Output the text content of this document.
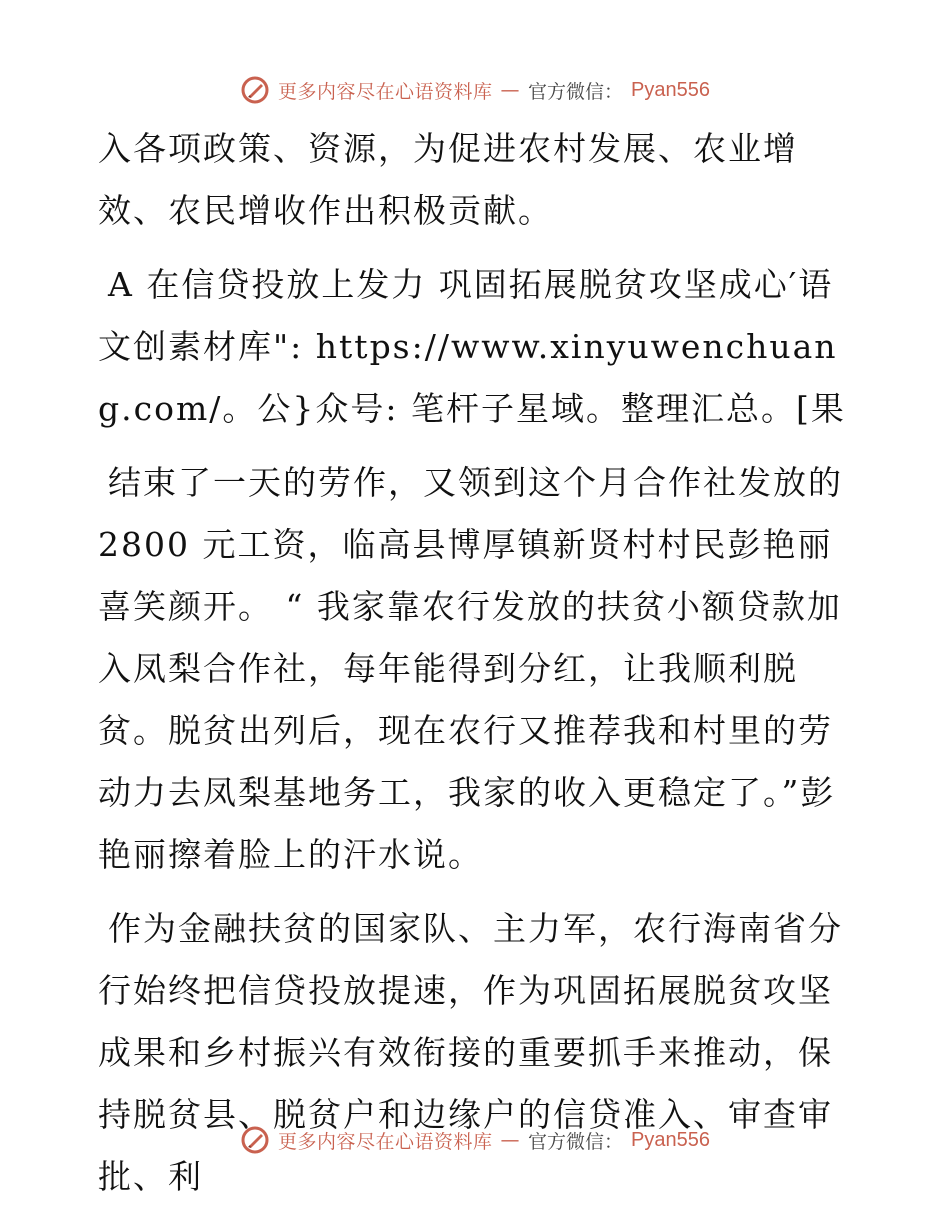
更多内容尽在心语资料库 — 官方微信： Pyan556

入各项政策、资源，为促进农村发展、农业增效、农民增收作出积极贡献。

A 在信贷投放上发力 巩固拓展脱贫攻坚成心′语文创素材库": https://www.xinyuwenchuang.com/。公}众号: 笔杆子星域。整理汇总。[果

结束了一天的劳作，又领到这个月合作社发放的2800 元工资，临高县博厚镇新贤村村民彭艳丽喜笑颜开。 “ 我家靠农行发放的扶贫小额贷款加入凤梨合作社，每年能得到分红，让我顺利脱贫。脱贫出列后，现在农行又推荐我和村里的劳动力去凤梨基地务工，我家的收入更稳定了。”彭艳丽擦着脸上的汗水说。

作为金融扶贫的国家队、主力军，农行海南省分行始终把信贷投放提速，作为巩固拓展脱贫攻坚成果和乡村振兴有效衔接的重要抓手来推动，保持脱贫县、脱贫户和边缘户的信贷准入、审查审批、利

更多内容尽在心语资料库 — 官方微信： Pyan556
